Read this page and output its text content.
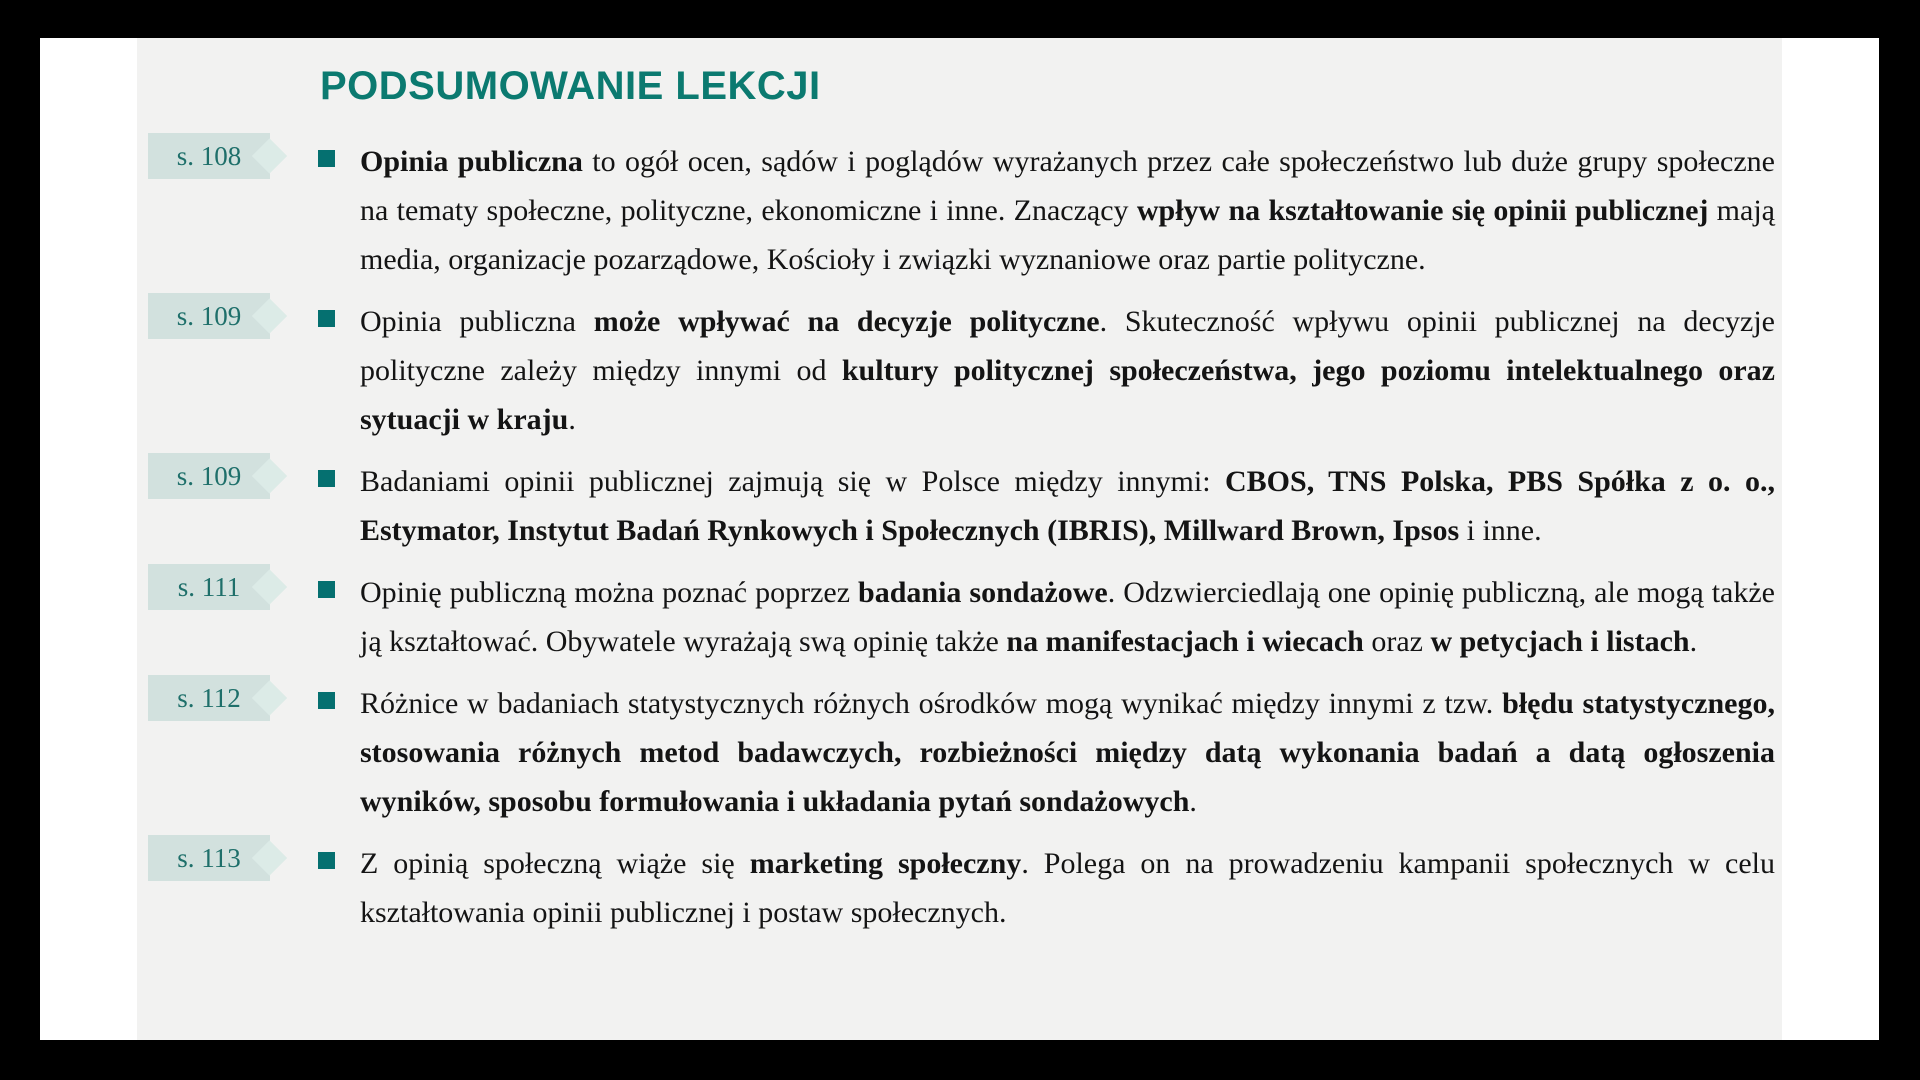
PODSUMOWANIE LEKCJI
s. 108	Opinia publiczna to ogół ocen, sądów i poglądów wyrażanych przez całe społeczeństwo lub duże grupy społeczne na tematy społeczne, polityczne, ekonomiczne i inne. Znaczący wpływ na kształtowanie się opinii publicznej mają media, organizacje pozarządowe, Kościoły i związki wyznaniowe oraz partie polityczne.

s. 109	Opinia publiczna może wpływać na decyzje polityczne. Skuteczność wpływu opinii publicznej na decyzje polityczne zależy między innymi od kultury politycznej społeczeństwa, jego poziomu intelektualnego oraz sytuacji w kraju.

s. 109	Badaniami opinii publicznej zajmują się w Polsce między innymi: CBOS, TNS Polska, PBS Spółka z o. o., Estymator, Instytut Badań Rynkowych i Społecznych (IBRIS), Millward Brown, Ipsos i inne.

s. 111	Opinię publiczną można poznać poprzez badania sondażowe. Odzwierciedlają one opinię publiczną, ale mogą także ją kształtować. Obywatele wyrażają swą opinię także na manifestacjach i wiecach oraz w petycjach i listach.

s. 112	Różnice w badaniach statystycznych różnych ośrodków mogą wynikać między innymi z tzw. błędu statystycznego, stosowania różnych metod badawczych, rozbieżności między datą wykonania badań a datą ogłoszenia wyników, sposobu formułowania i układania pytań sondażowych.

s. 113	Z opinią społeczną wiąże się marketing społeczny. Polega on na prowadzeniu kampanii społecznych w celu kształtowania opinii publicznej i postaw społecznych.
